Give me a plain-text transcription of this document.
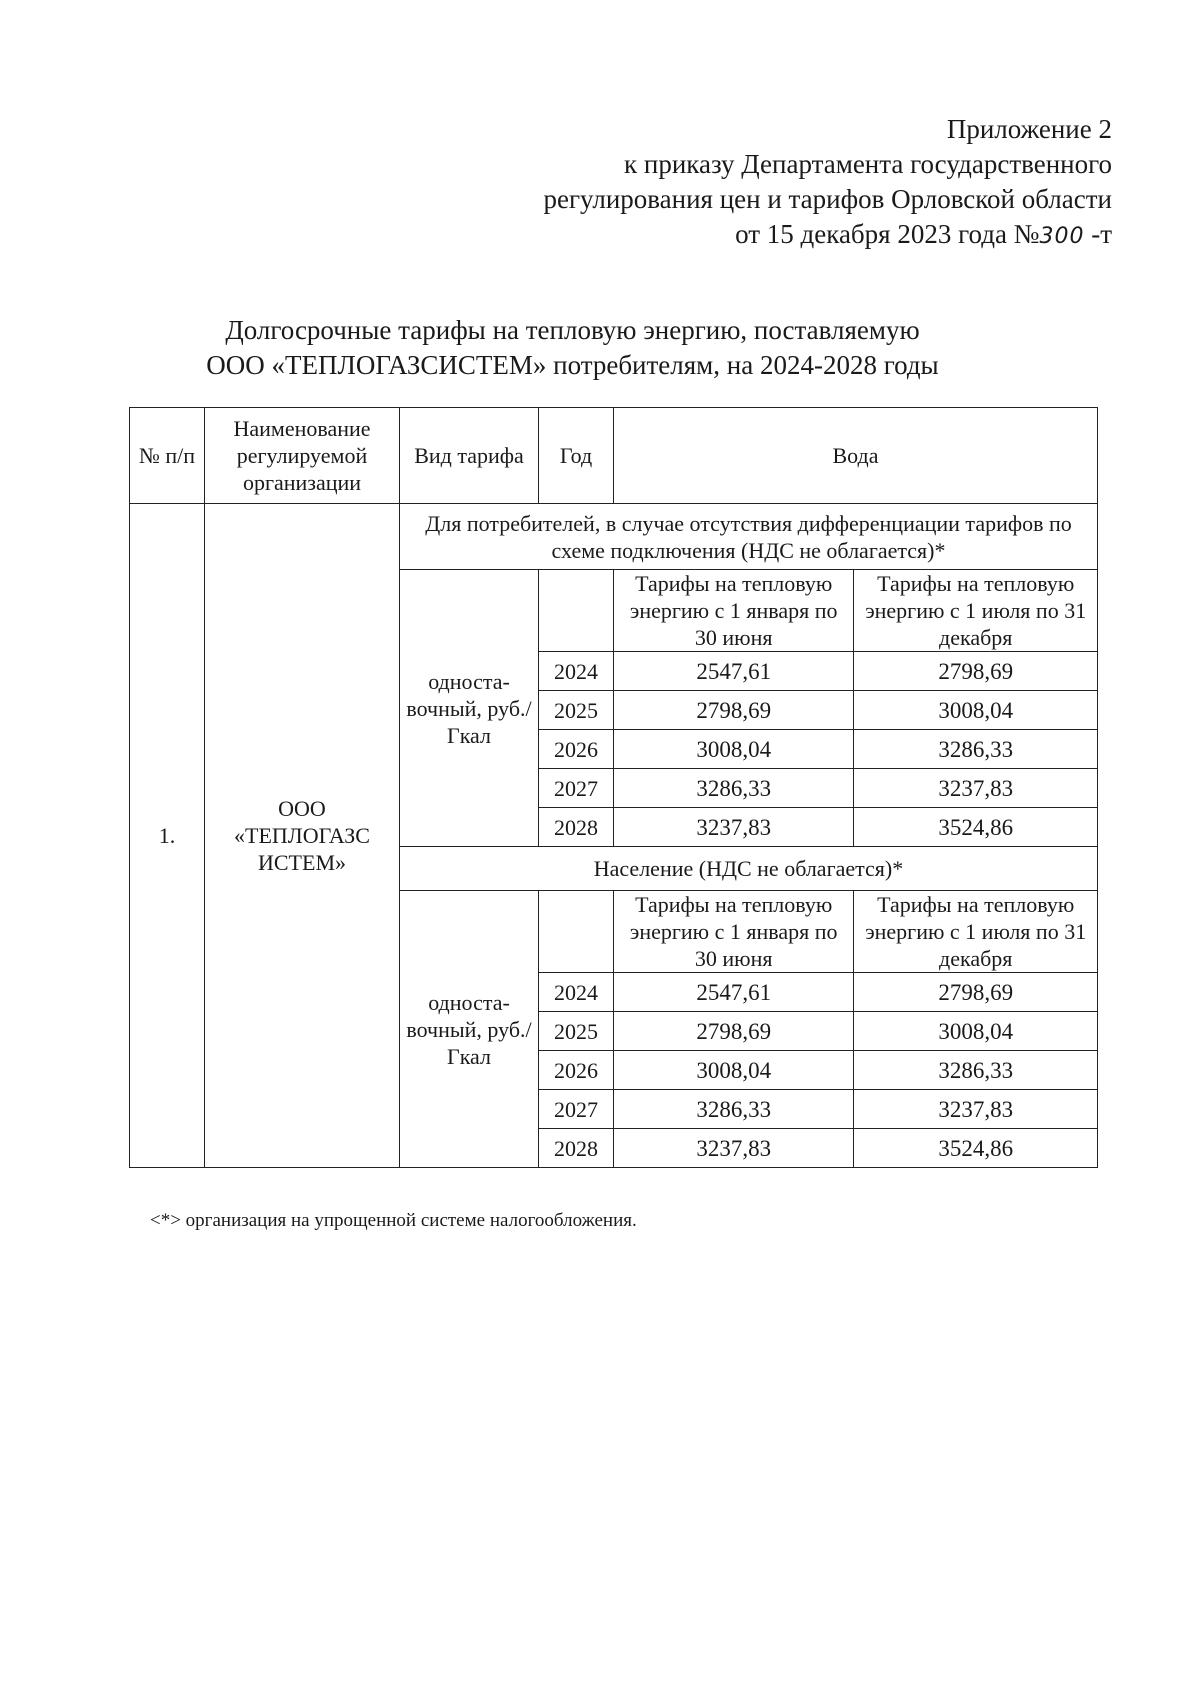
Приложение 2
к приказу Департамента государственного
регулирования цен и тарифов Орловской области
от 15 декабря 2023 года №300 -т
Долгосрочные тарифы на тепловую энергию, поставляемую
ООО «ТЕПЛОГАЗСИСТЕМ» потребителям, на 2024-2028 годы
№ п/п	Наименование регулируемой организации	Вид тарифа	Год	Вода	
1.	ООО «ТЕПЛОГАЗС ИСТЕМ»	Для потребителей, в случае отсутствия дифференциации тарифов по схеме подключения (НДС не облагается)*			
		односта-вочный, руб./Гкал		Тарифы на тепловую энергию с 1 января по 30 июня	Тарифы на тепловую энергию с 1 июля по 31 декабря
			2024	2547,61	2798,69
			2025	2798,69	3008,04
			2026	3008,04	3286,33
			2027	3286,33	3237,83
			2028	3237,83	3524,86
		Население (НДС не облагается)*			
		односта-вочный, руб./Гкал		Тарифы на тепловую энергию с 1 января по 30 июня	Тарифы на тепловую энергию с 1 июля по 31 декабря
			2024	2547,61	2798,69
			2025	2798,69	3008,04
			2026	3008,04	3286,33
			2027	3286,33	3237,83
			2028	3237,83	3524,86
<*> организация на упрощенной системе налогообложения.
